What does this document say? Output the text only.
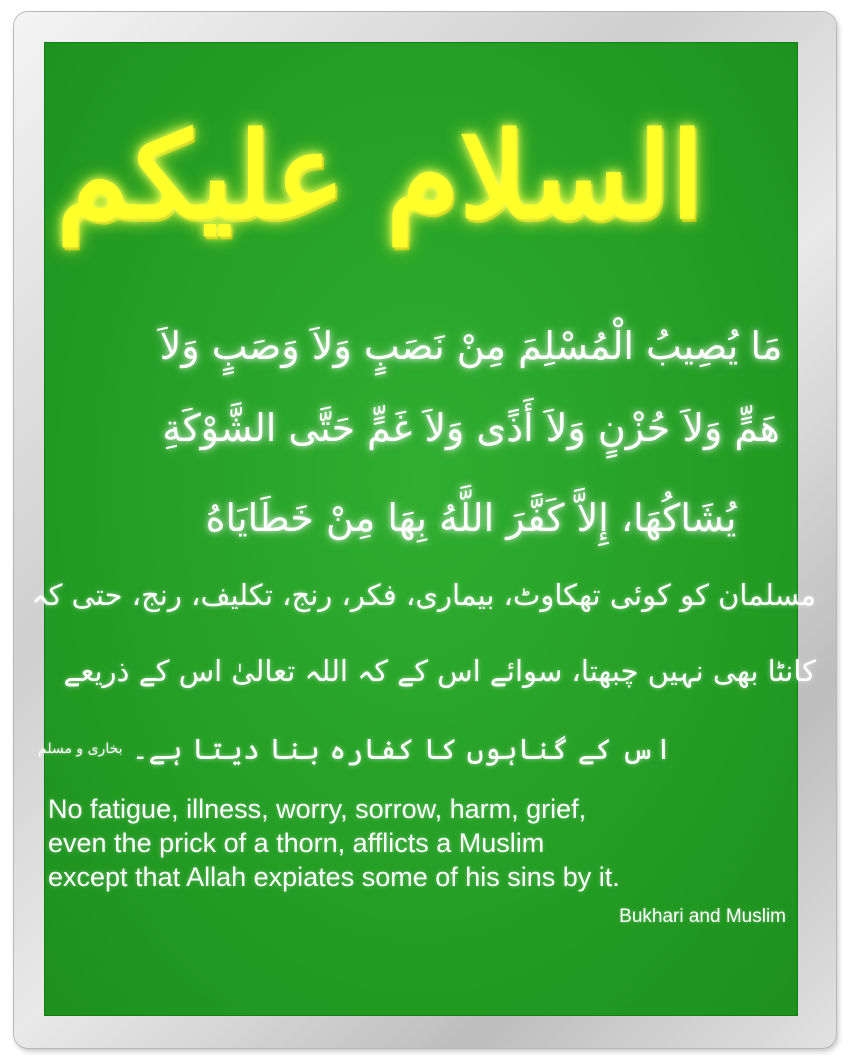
السلام علیکم
مَا يُصِيبُ الْمُسْلِمَ مِنْ نَصَبٍ وَلاَ وَصَبٍ وَلاَ
هَمٍّ وَلاَ حُزْنٍ وَلاَ أَذًى وَلاَ غَمٍّ حَتَّى الشَّوْكَةِ
يُشَاكُهَا، إِلاَّ كَفَّرَ اللَّهُ بِهَا مِنْ خَطَايَاهُ
مسلمان کو کوئی تھکاوٹ، بیماری، فکر، رنج، تکلیف، رنج، حتی کہ
کانٹا بھی نہیں چبھتا، سوائے اس کے کہ اللہ تعالیٰ اس کے ذریعے
اس کے گناہوں کا کفارہ بنا دیتا ہے۔
بخاری و مسلم
No fatigue, illness, worry, sorrow, harm, grief,
even the prick of a thorn, afflicts a Muslim
except that Allah expiates some of his sins by it.
Bukhari and Muslim
